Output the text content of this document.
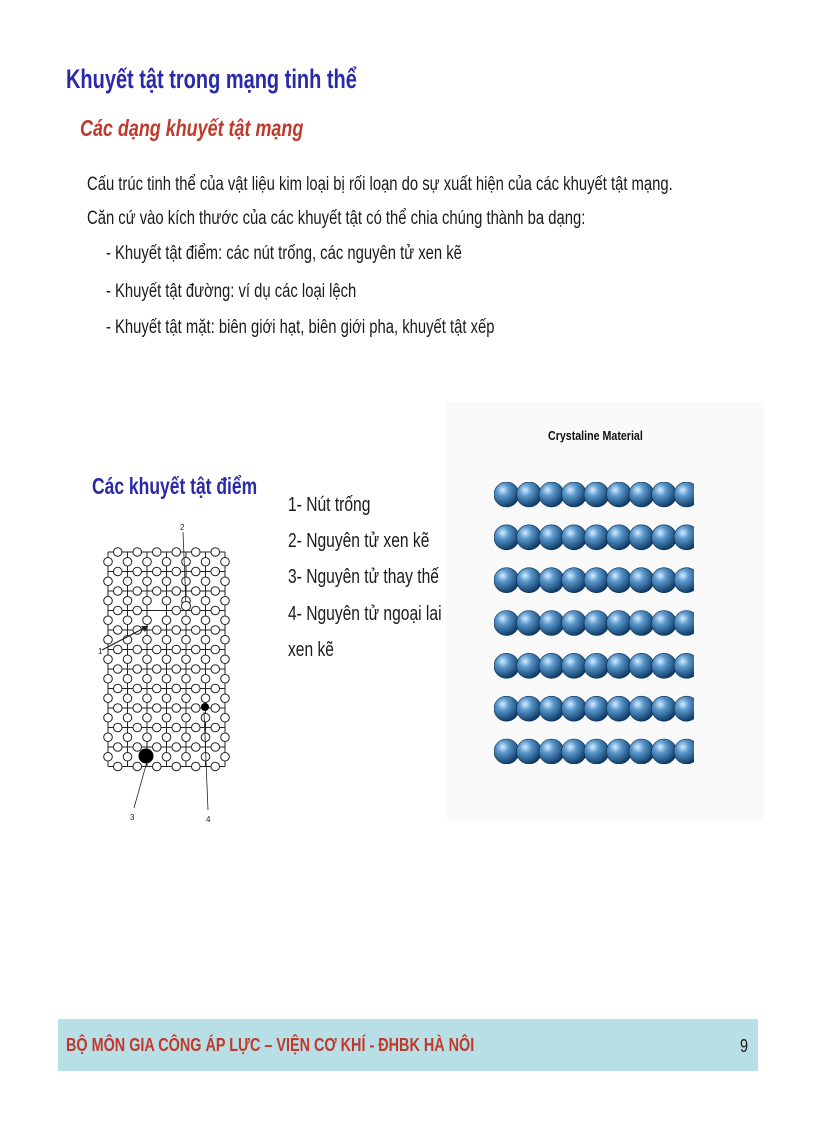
Khuyết tật trong mạng tinh thể
Các dạng khuyết tật mạng
Cấu trúc tinh thể của vật liệu kim loại bị rối loạn do sự xuất hiện của các khuyết tật mạng.
Căn cứ vào kích thước của các khuyết tật có thể chia chúng thành ba dạng:
- Khuyết tật điểm: các nút trống, các nguyên tử xen kẽ
- Khuyết tật đường: ví dụ các loại lệch
- Khuyết tật mặt: biên giới hạt, biên giới pha, khuyết tật xếp
Các khuyết tật điểm
1- Nút trống
2- Nguyên tử xen kẽ
3- Nguyên tử thay thế
4- Nguyên tử ngoại lai
xen kẽ
2
1
3	4
Crystaline Material
BỘ MÔN GIA CÔNG ÁP LỰC – VIỆN CƠ KHÍ - ĐHBK HÀ NÔI	9
